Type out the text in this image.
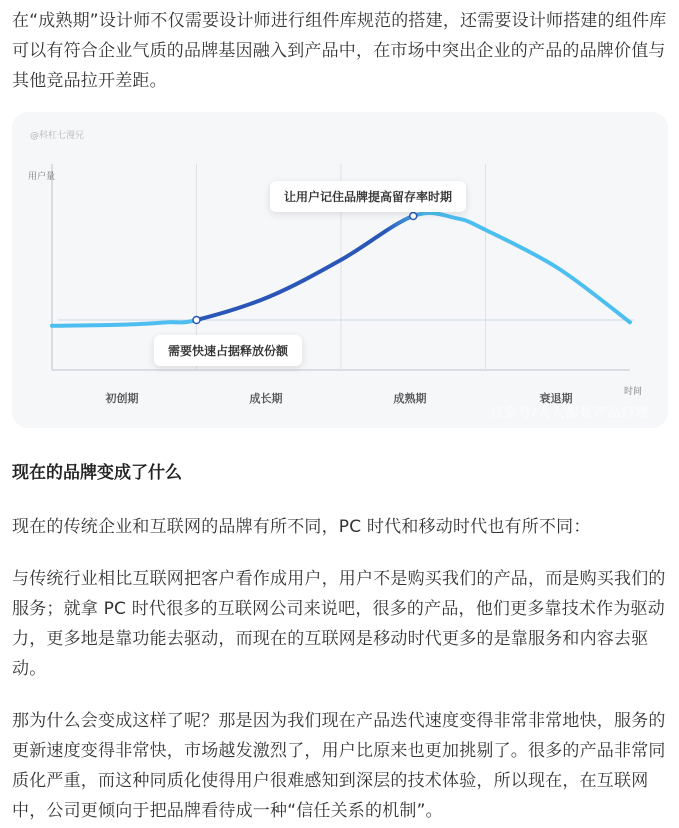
在“成熟期”设计师不仅需要设计师进行组件库规范的搭建，还需要设计师搭建的组件库可以有符合企业气质的品牌基因融入到产品中，在市场中突出企业的产品的品牌价值与其他竞品拉开差距。

@科杠七漫兄
用户量
时间
初创期	成长期	成熟期	衰退期
让用户记住品牌提高留存率时期
需要快速占据释放份额
百家号/人人都是产品经理
现在的品牌变成了什么

现在的传统企业和互联网的品牌有所不同，PC 时代和移动时代也有所不同：

与传统行业相比互联网把客户看作成用户，用户不是购买我们的产品，而是购买我们的服务；就拿 PC 时代很多的互联网公司来说吧，很多的产品，他们更多靠技术作为驱动力，更多地是靠功能去驱动，而现在的互联网是移动时代更多的是靠服务和内容去驱动。

那为什么会变成这样了呢？那是因为我们现在产品迭代速度变得非常非常地快，服务的更新速度变得非常快，市场越发激烈了，用户比原来也更加挑剔了。很多的产品非常同质化严重，而这种同质化使得用户很难感知到深层的技术体验，所以现在，在互联网中，公司更倾向于把品牌看待成一种“信任关系的机制”。
